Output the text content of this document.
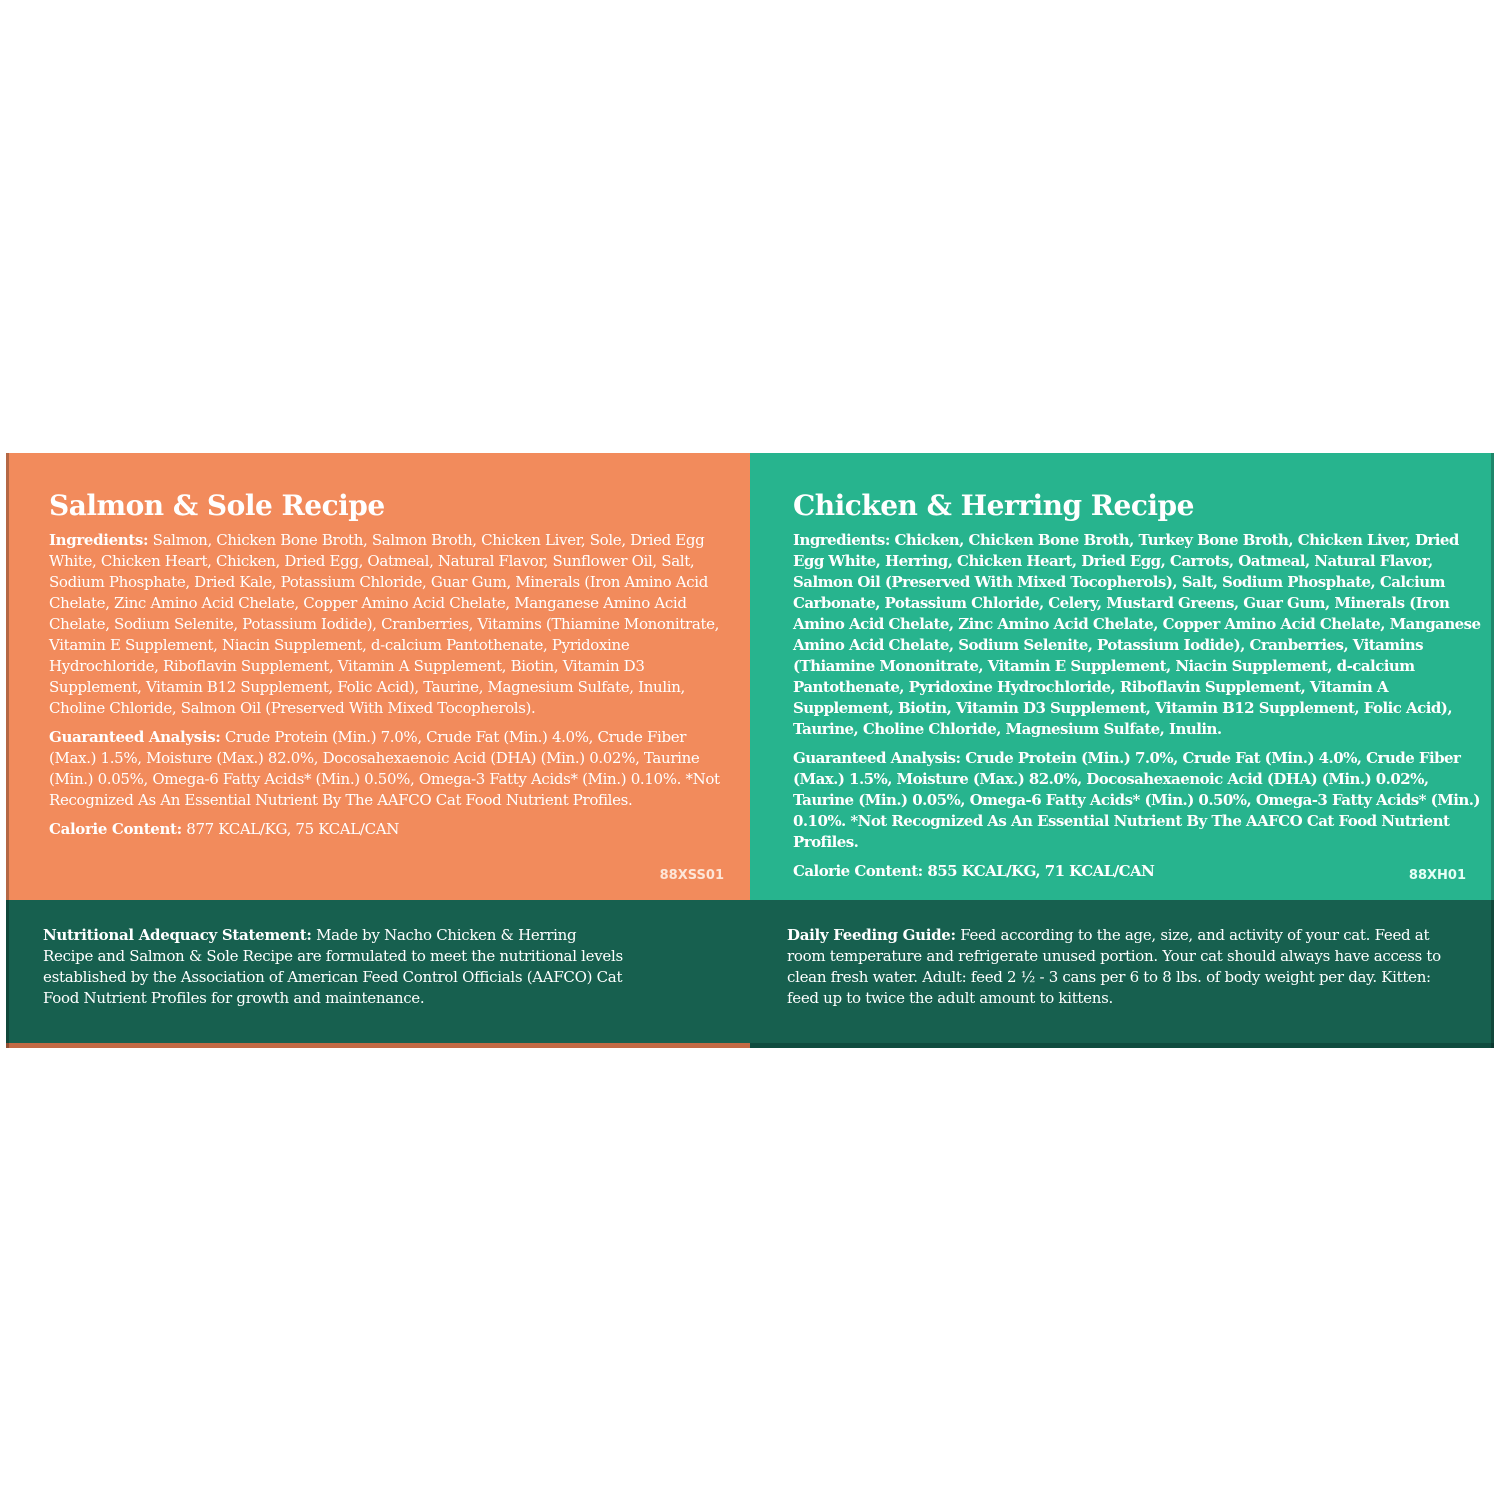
Salmon & Sole Recipe

Ingredients: Salmon, Chicken Bone Broth, Salmon Broth, Chicken Liver, Sole, Dried Egg White, Chicken Heart, Chicken, Dried Egg, Oatmeal, Natural Flavor, Sunflower Oil, Salt, Sodium Phosphate, Dried Kale, Potassium Chloride, Guar Gum, Minerals (Iron Amino Acid Chelate, Zinc Amino Acid Chelate, Copper Amino Acid Chelate, Manganese Amino Acid Chelate, Sodium Selenite, Potassium Iodide), Cranberries, Vitamins (Thiamine Mononitrate, Vitamin E Supplement, Niacin Supplement, d-calcium Pantothenate, Pyridoxine Hydrochloride, Riboflavin Supplement, Vitamin A Supplement, Biotin, Vitamin D3 Supplement, Vitamin B12 Supplement, Folic Acid), Taurine, Magnesium Sulfate, Inulin, Choline Chloride, Salmon Oil (Preserved With Mixed Tocopherols).

Guaranteed Analysis: Crude Protein (Min.) 7.0%, Crude Fat (Min.) 4.0%, Crude Fiber (Max.) 1.5%, Moisture (Max.) 82.0%, Docosahexaenoic Acid (DHA) (Min.) 0.02%, Taurine (Min.) 0.05%, Omega-6 Fatty Acids* (Min.) 0.50%, Omega-3 Fatty Acids* (Min.) 0.10%. *Not Recognized As An Essential Nutrient By The AAFCO Cat Food Nutrient Profiles.

Calorie Content: 877 KCAL/KG, 75 KCAL/CAN

88XSS01
Chicken & Herring Recipe

Ingredients: Chicken, Chicken Bone Broth, Turkey Bone Broth, Chicken Liver, Dried Egg White, Herring, Chicken Heart, Dried Egg, Carrots, Oatmeal, Natural Flavor, Salmon Oil (Preserved With Mixed Tocopherols), Salt, Sodium Phosphate, Calcium Carbonate, Potassium Chloride, Celery, Mustard Greens, Guar Gum, Minerals (Iron Amino Acid Chelate, Zinc Amino Acid Chelate, Copper Amino Acid Chelate, Manganese Amino Acid Chelate, Sodium Selenite, Potassium Iodide), Cranberries, Vitamins (Thiamine Mononitrate, Vitamin E Supplement, Niacin Supplement, d-calcium Pantothenate, Pyridoxine Hydrochloride, Riboflavin Supplement, Vitamin A Supplement, Biotin, Vitamin D3 Supplement, Vitamin B12 Supplement, Folic Acid), Taurine, Choline Chloride, Magnesium Sulfate, Inulin.

Guaranteed Analysis: Crude Protein (Min.) 7.0%, Crude Fat (Min.) 4.0%, Crude Fiber (Max.) 1.5%, Moisture (Max.) 82.0%, Docosahexaenoic Acid (DHA) (Min.) 0.02%, Taurine (Min.) 0.05%, Omega-6 Fatty Acids* (Min.) 0.50%, Omega-3 Fatty Acids* (Min.) 0.10%. *Not Recognized As An Essential Nutrient By The AAFCO Cat Food Nutrient Profiles.

Calorie Content: 855 KCAL/KG, 71 KCAL/CAN	88XH01
Nutritional Adequacy Statement: Made by Nacho Chicken & Herring Recipe and Salmon & Sole Recipe are formulated to meet the nutritional levels established by the Association of American Feed Control Officials (AAFCO) Cat Food Nutrient Profiles for growth and maintenance.
Daily Feeding Guide: Feed according to the age, size, and activity of your cat. Feed at room temperature and refrigerate unused portion. Your cat should always have access to clean fresh water. Adult: feed 2 ½ - 3 cans per 6 to 8 lbs. of body weight per day. Kitten: feed up to twice the adult amount to kittens.
